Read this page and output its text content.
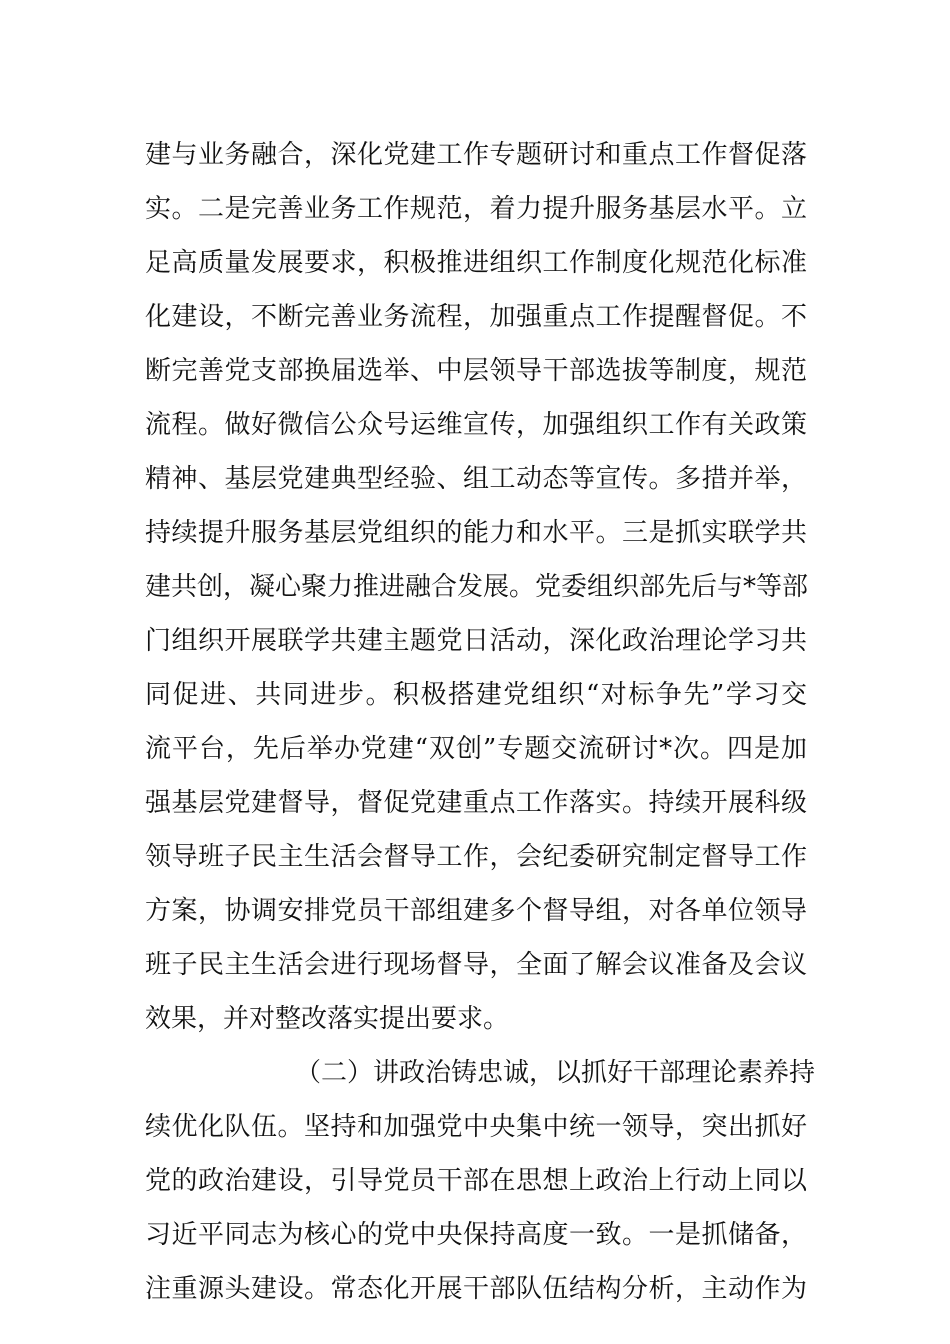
建与业务融合，深化党建工作专题研讨和重点工作督促落
实。二是完善业务工作规范，着力提升服务基层水平。立
足高质量发展要求，积极推进组织工作制度化规范化标准
化建设，不断完善业务流程，加强重点工作提醒督促。不
断完善党支部换届选举、中层领导干部选拔等制度，规范
流程。做好微信公众号运维宣传，加强组织工作有关政策
精神、基层党建典型经验、组工动态等宣传。多措并举，
持续提升服务基层党组织的能力和水平。三是抓实联学共
建共创，凝心聚力推进融合发展。党委组织部先后与*等部
门组织开展联学共建主题党日活动，深化政治理论学习共
同促进、共同进步。积极搭建党组织“对标争先”学习交
流平台，先后举办党建“双创”专题交流研讨*次。四是加
强基层党建督导，督促党建重点工作落实。持续开展科级
领导班子民主生活会督导工作，会纪委研究制定督导工作
方案，协调安排党员干部组建多个督导组，对各单位领导
班子民主生活会进行现场督导，全面了解会议准备及会议
效果，并对整改落实提出要求。
（二）讲政治铸忠诚，以抓好干部理论素养持
续优化队伍。坚持和加强党中央集中统一领导，突出抓好
党的政治建设，引导党员干部在思想上政治上行动上同以
习近平同志为核心的党中央保持高度一致。一是抓储备，
注重源头建设。常态化开展干部队伍结构分析，主动作为
